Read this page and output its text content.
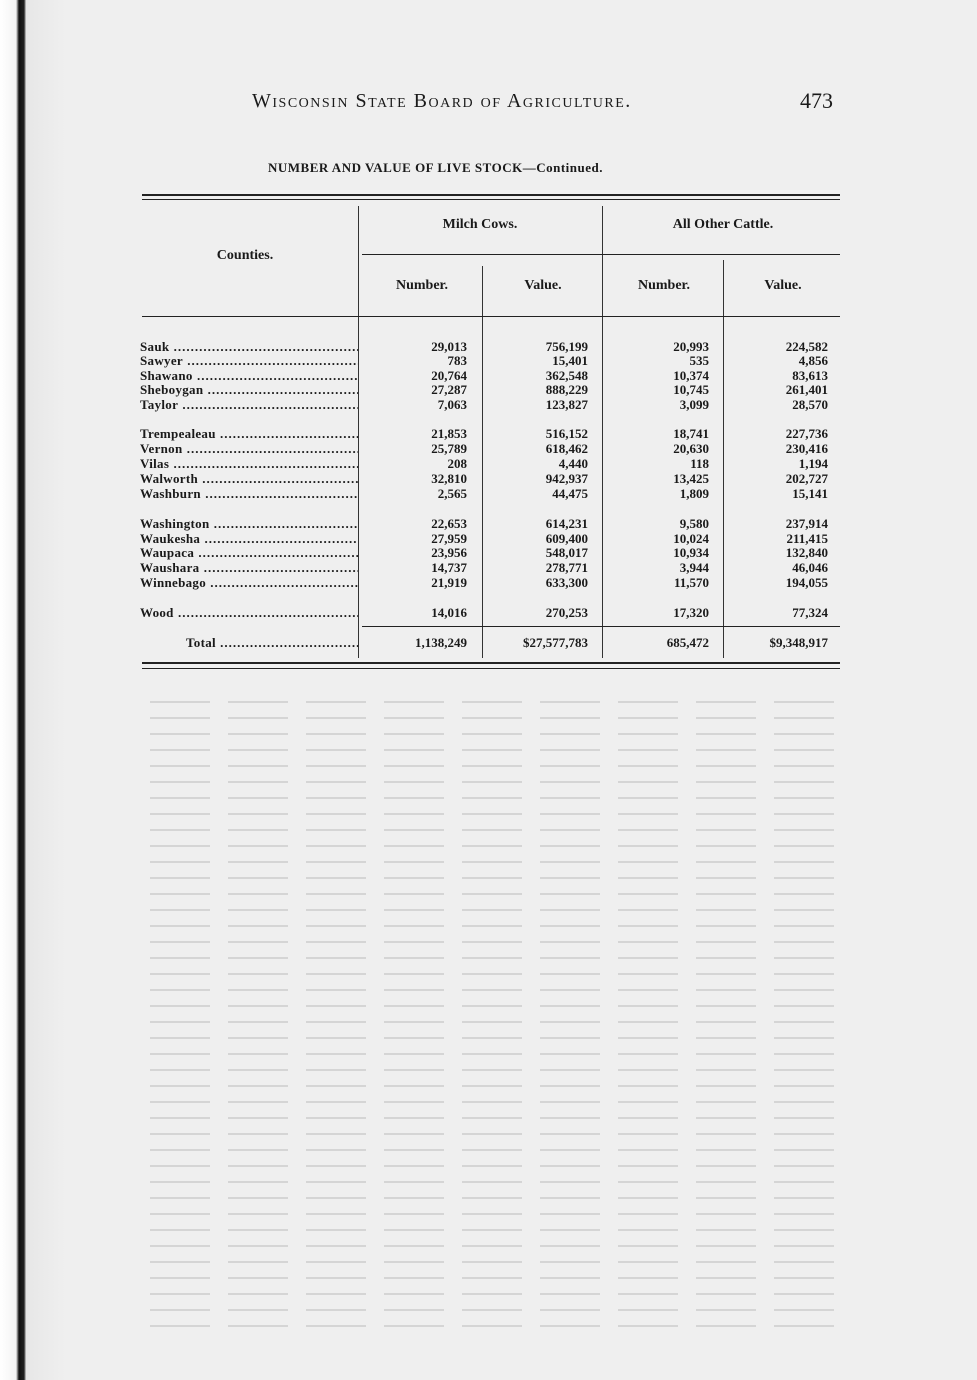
Wisconsin State Board of Agriculture.	473
NUMBER AND VALUE OF LIVE STOCK—Continued.
Counties.
Milch Cows.	All Other Cattle.
Number.	Value.	Number.	Value.
Sauk .....	29,013	756,199	20,993	224,582
Sawyer .....	783	15,401	535	4,856
Shawano .....	20,764	362,548	10,374	83,613
Sheboygan .....	27,287	888,229	10,745	261,401
Taylor .....	7,063	123,827	3,099	28,570
Trempealeau .....	21,853	516,152	18,741	227,736
Vernon .....	25,789	618,462	20,630	230,416
Vilas .....	208	4,440	118	1,194
Walworth .....	32,810	942,937	13,425	202,727
Washburn .....	2,565	44,475	1,809	15,141
Washington .....	22,653	614,231	9,580	237,914
Waukesha .....	27,959	609,400	10,024	211,415
Waupaca .....	23,956	548,017	10,934	132,840
Waushara .....	14,737	278,771	3,944	46,046
Winnebago .....	21,919	633,300	11,570	194,055
Wood .....	14,016	270,253	17,320	77,324
Total .....	1,138,249	$27,577,783	685,472	$9,348,917
